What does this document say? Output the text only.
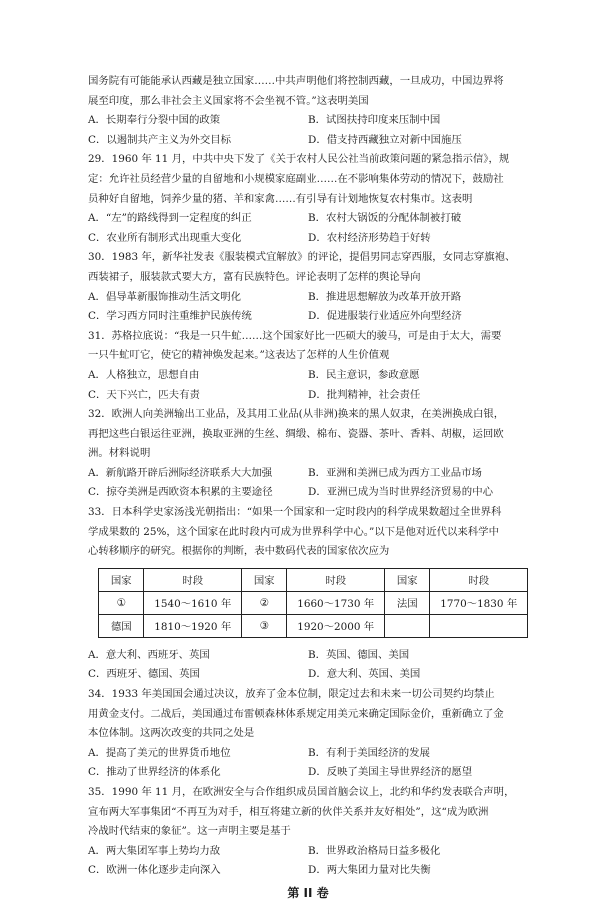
国务院有可能能承认西藏是独立国家……中共声明他们将控制西藏，一旦成功，中国边界将
展至印度，那么非社会主义国家将不会坐视不管。”这表明美国
A．长期奉行分裂中国的政策	B．试图扶持印度来压制中国
C．以遏制共产主义为外交目标	D．借支持西藏独立对新中国施压
29．1960 年 11 月，中共中央下发了《关于农村人民公社当前政策问题的紧急指示信》，规
定：允许社员经营少量的自留地和小规模家庭副业……在不影响集体劳动的情况下，鼓励社
员种好自留地，饲养少量的猪、羊和家禽……有引导有计划地恢复农村集市。这表明
A．“左”的路线得到一定程度的纠正	B．农村大锅饭的分配体制被打破
C．农业所有制形式出现重大变化	D．农村经济形势趋于好转
30．1983 年，新华社发表《服装模式宜解放》的评论，提倡男同志穿西服，女同志穿旗袍、
西装裙子，服装款式要大方，富有民族特色。评论表明了怎样的舆论导向
A．倡导革新服饰推动生活文明化	B．推进思想解放为改革开放开路
C．学习西方同时注重维护民族传统	D．促进服装行业适应外向型经济
31．苏格拉底说：“我是一只牛虻……这个国家好比一匹硕大的骏马，可是由于太大，需要
一只牛虻叮它，使它的精神焕发起来。”这表达了怎样的人生价值观
A．人格独立，思想自由	B．民主意识，参政意愿
C．天下兴亡，匹夫有责	D．批判精神，社会责任
32．欧洲人向美洲输出工业品，及其用工业品(从非洲)换来的黑人奴隶，在美洲换成白银，
再把这些白银运往亚洲，换取亚洲的生丝、绸缎、棉布、瓷器、茶叶、香料、胡椒，运回欧
洲。材料说明
A．新航路开辟后洲际经济联系大大加强	B．亚洲和美洲已成为西方工业品市场
C．掠夺美洲是西欧资本积累的主要途径	D．亚洲已成为当时世界经济贸易的中心
33．日本科学史家汤浅光朝指出：“如果一个国家和一定时段内的科学成果数超过全世界科
学成果数的 25%，这个国家在此时段内可成为世界科学中心。”以下是他对近代以来科学中
心转移顺序的研究。根据你的判断，表中数码代表的国家依次应为
国家	时段	国家	时段	国家	时段
①	1540～1610 年	②	1660～1730 年	法国	1770～1830 年
德国	1810～1920 年	③	1920～2000 年		
A．意大利、西班牙、英国	B．英国、德国、美国
C．西班牙、德国、英国	D．意大利、英国、美国
34．1933 年美国国会通过决议，放弃了金本位制，限定过去和未来一切公司契约均禁止
用黄金支付。二战后，美国通过布雷顿森林体系规定用美元来确定国际金价，重新确立了金
本位体制。这两次改变的共同之处是
A．提高了美元的世界货币地位	B．有利于美国经济的发展
C．推动了世界经济的体系化	D．反映了美国主导世界经济的愿望
35．1990 年 11 月，在欧洲安全与合作组织成员国首脑会议上，北约和华约发表联合声明，
宣布两大军事集团“不再互为对手，相互将建立新的伙伴关系并友好相处”，这“成为欧洲
冷战时代结束的象征”。这一声明主要是基于
A．两大集团军事上势均力敌	B．世界政治格局日益多极化
C．欧洲一体化逐步走向深入	D．两大集团力量对比失衡
第 II 卷
